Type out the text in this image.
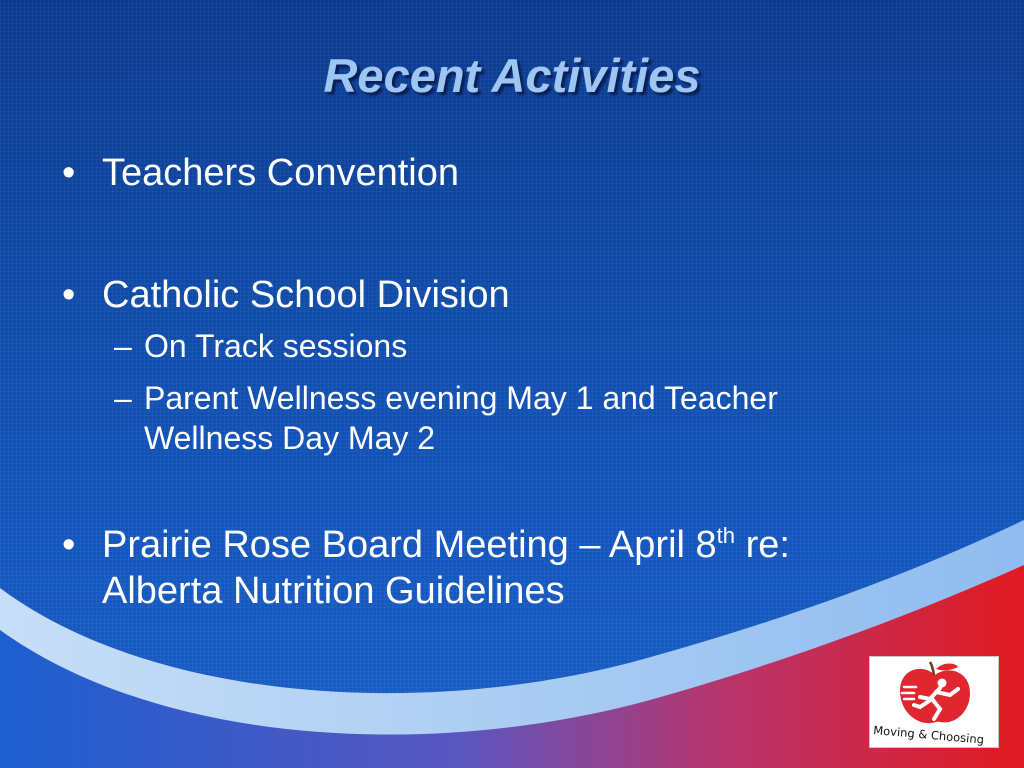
Recent Activities
• Teachers Convention
• Catholic School Division
– On Track sessions
– Parent Wellness evening May 1 and Teacher
Wellness Day May 2
• Prairie Rose Board Meeting – April 8th re:
Alberta Nutrition Guidelines
Moving & Choosing
